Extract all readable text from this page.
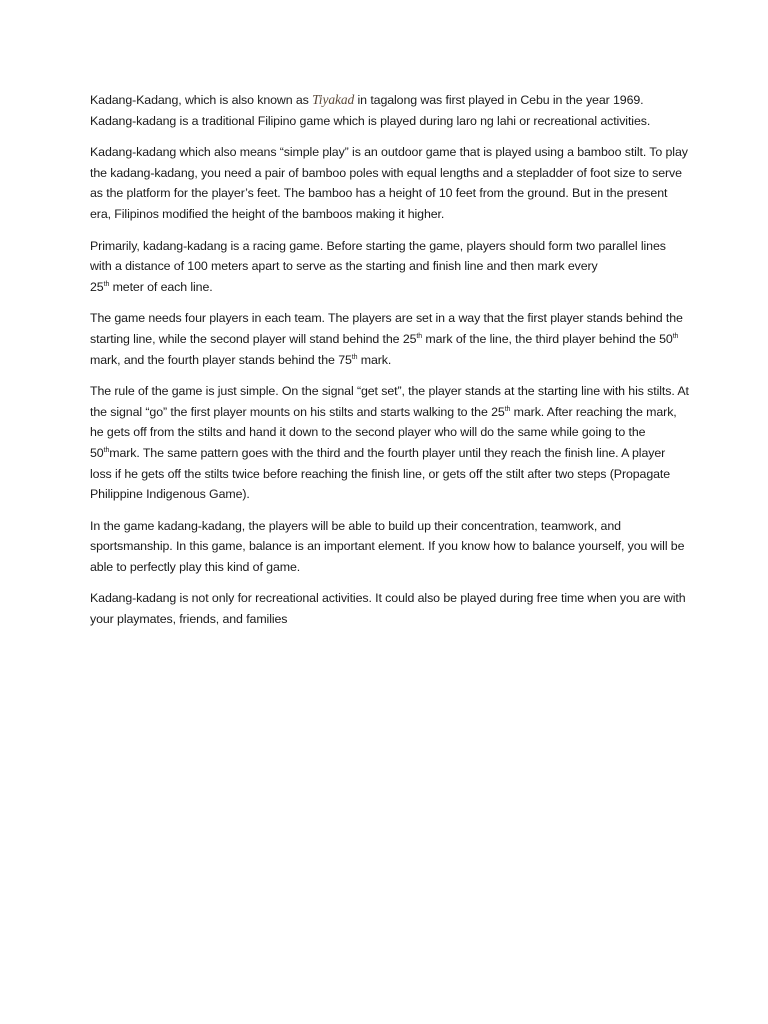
Kadang-Kadang, which is also known as Tiyakad in tagalong was first played in Cebu in the year 1969.
Kadang-kadang is a traditional Filipino game which is played during laro ng lahi or recreational activities.

Kadang-kadang which also means “simple play” is an outdoor game that is played using a bamboo stilt. To play the kadang-kadang, you need a pair of bamboo poles with equal lengths and a stepladder of foot size to serve as the platform for the player’s feet. The bamboo has a height of 10 feet from the ground. But in the present era, Filipinos modified the height of the bamboos making it higher.

Primarily, kadang-kadang is a racing game. Before starting the game, players should form two parallel lines with a distance of 100 meters apart to serve as the starting and finish line and then mark every
25th meter of each line.

The game needs four players in each team. The players are set in a way that the first player stands behind the starting line, while the second player will stand behind the 25th mark of the line, the third player behind the 50th mark, and the fourth player stands behind the 75th mark.

The rule of the game is just simple. On the signal “get set”, the player stands at the starting line with his stilts. At the signal “go” the first player mounts on his stilts and starts walking to the 25th mark. After reaching the mark, he gets off from the stilts and hand it down to the second player who will do the same while going to the 50thmark. The same pattern goes with the third and the fourth player until they reach the finish line. A player loss if he gets off the stilts twice before reaching the finish line, or gets off the stilt after two steps (Propagate Philippine Indigenous Game).

In the game kadang-kadang, the players will be able to build up their concentration, teamwork, and sportsmanship. In this game, balance is an important element. If you know how to balance yourself, you will be able to perfectly play this kind of game.

Kadang-kadang is not only for recreational activities. It could also be played during free time when you are with your playmates, friends, and families
